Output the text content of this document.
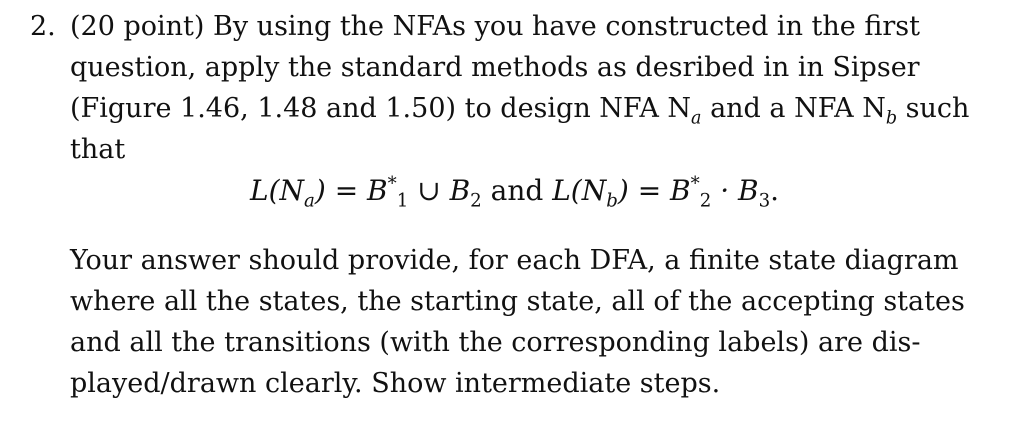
2. (20 point) By using the NFAs you have constructed in the first
question, apply the standard methods as desribed in in Sipser
(Figure 1.46, 1.48 and 1.50) to design NFA $N_a$ and a NFA $N_b$ such
that
$L(N_a) = B^*_1$ ∪ $B_2$ and $L(N_b) = B^*_2 \cdot B_3$.
Your answer should provide, for each DFA, a finite state diagram
where all the states, the starting state, all of the accepting states
and all the transitions (with the corresponding labels) are dis-
played/drawn clearly. Show intermediate steps.
